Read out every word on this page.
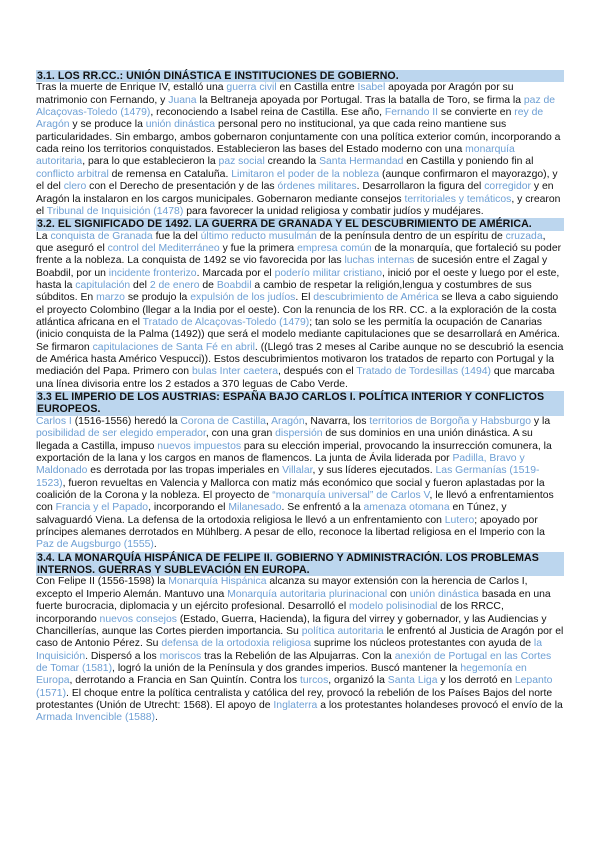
3.1. LOS RR.CC.: UNIÓN DINÁSTICA E INSTITUCIONES DE GOBIERNO.

Tras la muerte de Enrique IV, estalló una guerra civil en Castilla entre Isabel apoyada por Aragón por su matrimonio con Fernando, y Juana la Beltraneja apoyada por Portugal. Tras la batalla de Toro, se firma la paz de Alcaçovas-Toledo (1479), reconociendo a Isabel reina de Castilla. Ese año, Fernando II se convierte en rey de Aragón y se produce la unión dinástica personal pero no institucional, ya que cada reino mantiene sus particularidades. Sin embargo, ambos gobernaron conjuntamente con una política exterior común, incorporando a cada reino los territorios conquistados. Establecieron las bases del Estado moderno con una monarquía autoritaria, para lo que establecieron la paz social creando la Santa Hermandad en Castilla y poniendo fin al conflicto arbitral de remensa en Cataluña. Limitaron el poder de la nobleza (aunque confirmaron el mayorazgo), y el del clero con el Derecho de presentación y de las órdenes militares. Desarrollaron la figura del corregidor y en Aragón la instalaron en los cargos municipales. Gobernaron mediante consejos territoriales y temáticos, y crearon el Tribunal de Inquisición (1478) para favorecer la unidad religiosa y combatir judíos y mudéjares.

3.2. EL SIGNIFICADO DE 1492. LA GUERRA DE GRANADA Y EL DESCUBRIMIENTO DE AMÉRICA.

La conquista de Granada fue la del último reducto musulmán de la península dentro de un espíritu de cruzada, que aseguró el control del Mediterráneo y fue la primera empresa común de la monarquía, que fortaleció su poder frente a la nobleza. La conquista de 1492 se vio favorecida por las luchas internas de sucesión entre el Zagal y Boabdil, por un incidente fronterizo. Marcada por el poderío militar cristiano, inició por el oeste y luego por el este, hasta la capitulación del 2 de enero de Boabdil a cambio de respetar la religión,lengua y costumbres de sus súbditos. En marzo se produjo la expulsión de los judíos. El descubrimiento de América se lleva a cabo siguiendo el proyecto Colombino (llegar a la India por el oeste). Con la renuncia de los RR. CC. a la exploración de la costa atlántica africana en el Tratado de Alcaçovas-Toledo (1479); tan solo se les permitía la ocupación de Canarias (inicio conquista de la Palma (1492)) que será el modelo mediante capitulaciones que se desarrollará en América. Se firmaron capitulaciones de Santa Fé en abril. ((Llegó tras 2 meses al Caribe aunque no se descubrió la esencia de América hasta Américo Vespucci)). Estos descubrimientos motivaron los tratados de reparto con Portugal y la mediación del Papa. Primero con bulas Inter caetera, después con el Tratado de Tordesillas (1494) que marcaba una línea divisoria entre los 2 estados a 370 leguas de Cabo Verde.

3.3 EL IMPERIO DE LOS AUSTRIAS: ESPAÑA BAJO CARLOS I. POLÍTICA INTERIOR Y CONFLICTOS EUROPEOS.

Carlos I (1516-1556) heredó la Corona de Castilla, Aragón, Navarra, los territorios de Borgoña y Habsburgo y la posibilidad de ser elegido emperador, con una gran dispersión de sus dominios en una unión dinástica. A su llegada a Castilla, impuso nuevos impuestos para su elección imperial, provocando la insurrección comunera, la exportación de la lana y los cargos en manos de flamencos. La junta de Ávila liderada por Padilla, Bravo y Maldonado es derrotada por las tropas imperiales en Villalar, y sus líderes ejecutados. Las Germanías (1519-1523), fueron revueltas en Valencia y Mallorca con matiz más económico que social y fueron aplastadas por la coalición de la Corona y la nobleza. El proyecto de “monarquía universal” de Carlos V, le llevó a enfrentamientos con Francia y el Papado, incorporando el Milanesado. Se enfrentó a la amenaza otomana en Túnez, y salvaguardó Viena. La defensa de la ortodoxia religiosa le llevó a un enfrentamiento con Lutero; apoyado por príncipes alemanes derrotados en Mühlberg. A pesar de ello, reconoce la libertad religiosa en el Imperio con la Paz de Augsburgo (1555).

3.4. LA MONARQUÍA HISPÁNICA DE FELIPE II. GOBIERNO Y ADMINISTRACIÓN. LOS PROBLEMAS INTERNOS. GUERRAS Y SUBLEVACIÓN EN EUROPA.

Con Felipe II (1556-1598) la Monarquía Hispánica alcanza su mayor extensión con la herencia de Carlos I, excepto el Imperio Alemán. Mantuvo una Monarquía autoritaria plurinacional con unión dinástica basada en una fuerte burocracia, diplomacia y un ejército profesional. Desarrolló el modelo polisinodial de los RRCC, incorporando nuevos consejos (Estado, Guerra, Hacienda), la figura del virrey y gobernador, y las Audiencias y Chancillerías, aunque las Cortes pierden importancia. Su política autoritaria le enfrentó al Justicia de Aragón por el caso de Antonio Pérez. Su defensa de la ortodoxia religiosa suprime los núcleos protestantes con ayuda de la Inquisición. Dispersó a los moriscos tras la Rebelión de las Alpujarras. Con la anexión de Portugal en las Cortes de Tomar (1581), logró la unión de la Península y dos grandes imperios. Buscó mantener la hegemonía en Europa, derrotando a Francia en San Quintín. Contra los turcos, organizó la Santa Liga y los derrotó en Lepanto (1571). El choque entre la política centralista y católica del rey, provocó la rebelión de los Países Bajos del norte protestantes (Unión de Utrecht: 1568). El apoyo de Inglaterra a los protestantes holandeses provocó el envío de la Armada Invencible (1588).
